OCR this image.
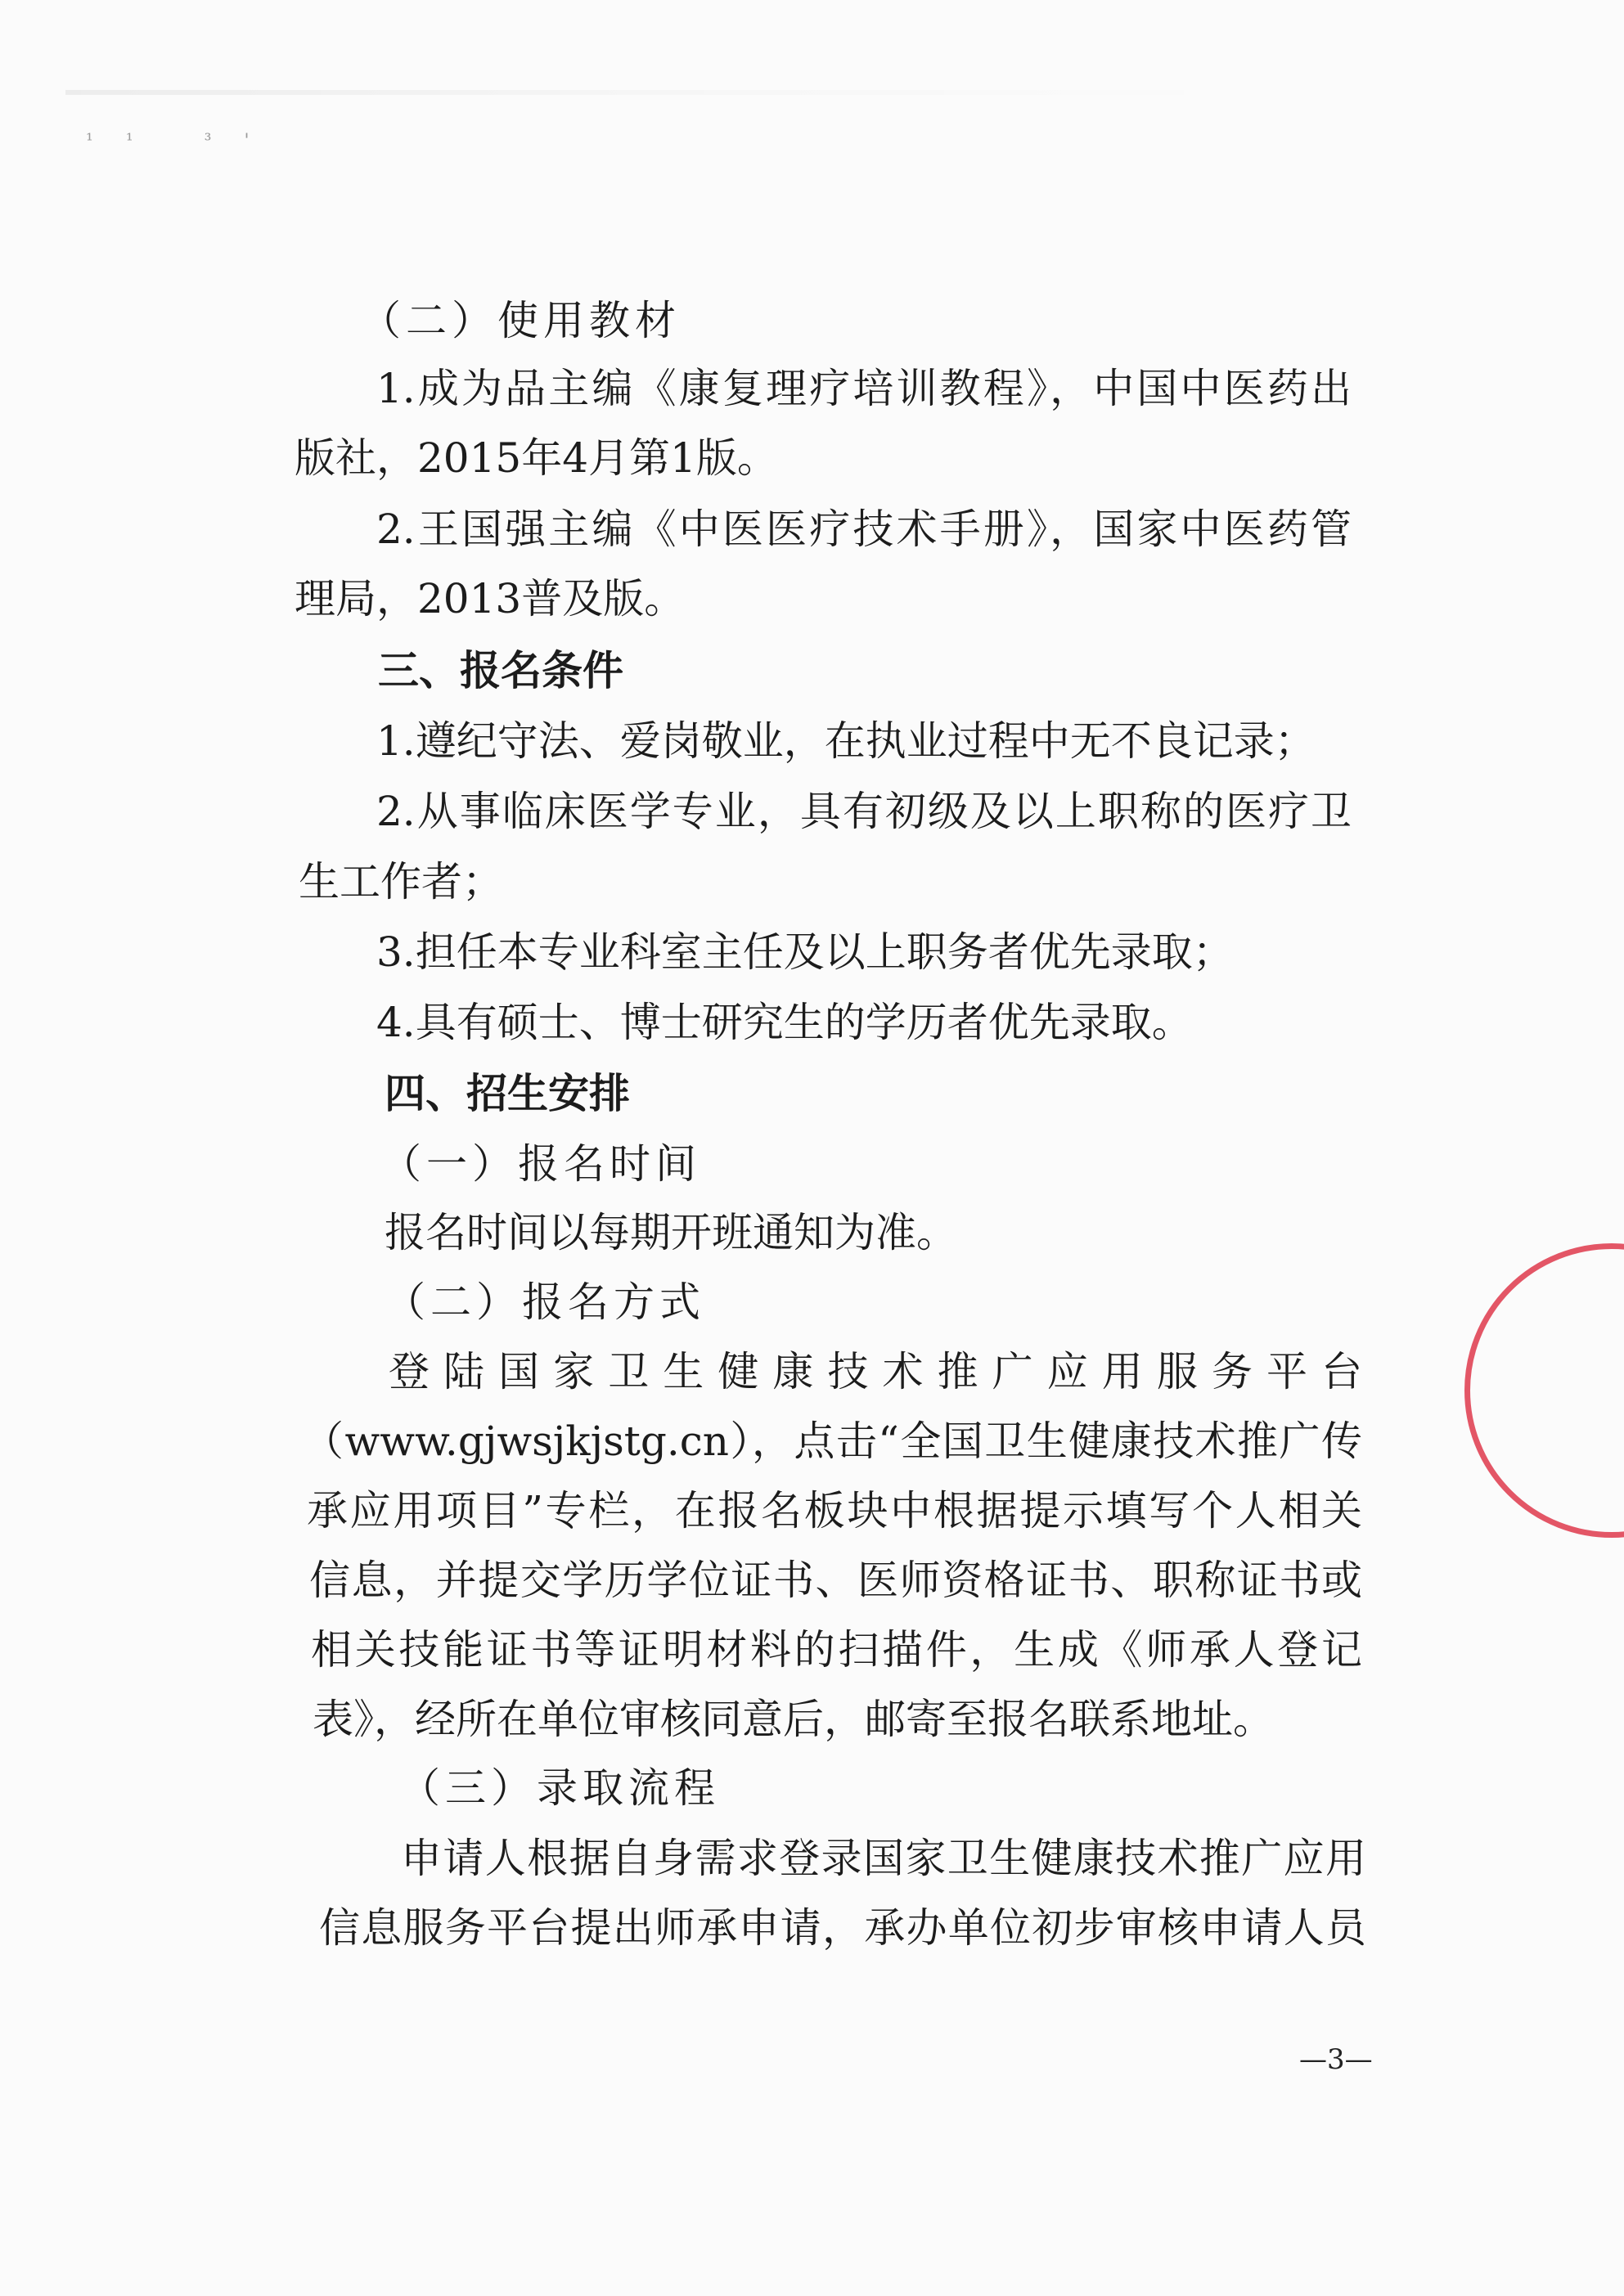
¹¹ ³'
（二）使用教材
1.成为品主编《康复理疗培训教程》，中国中医药出
版社，2015年4月第1版。
2.王国强主编《中医医疗技术手册》，国家中医药管
理局，2013普及版。
三、报名条件
1.遵纪守法、爱岗敬业，在执业过程中无不良记录；
2.从事临床医学专业，具有初级及以上职称的医疗卫
生工作者；
3.担任本专业科室主任及以上职务者优先录取；
4.具有硕士、博士研究生的学历者优先录取。
四、招生安排
（一）报名时间
报名时间以每期开班通知为准。
（二）报名方式
登陆国家卫生健康技术推广应用服务平台
（www.gjwsjkjstg.cn），点击“全国卫生健康技术推广传
承应用项目”专栏，在报名板块中根据提示填写个人相关
信息，并提交学历学位证书、医师资格证书、职称证书或
相关技能证书等证明材料的扫描件，生成《师承人登记
表》，经所在单位审核同意后，邮寄至报名联系地址。
（三）录取流程
申请人根据自身需求登录国家卫生健康技术推广应用
信息服务平台提出师承申请，承办单位初步审核申请人员
—3—
